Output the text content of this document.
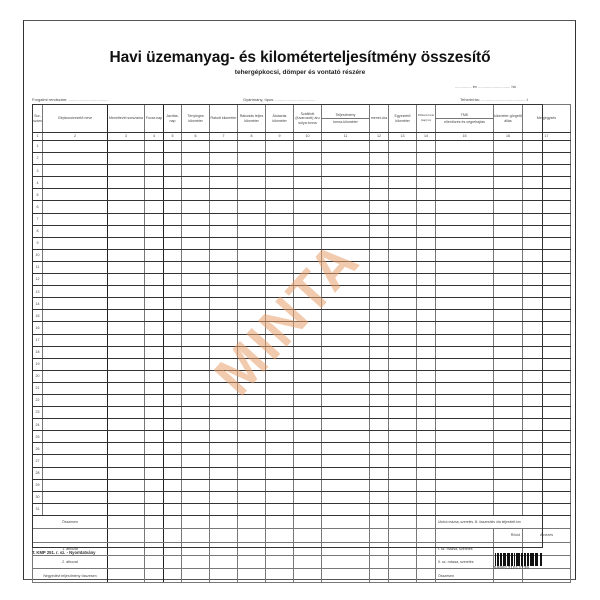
Havi üzemanyag- és kilométerteljesítmény összesítő
tehergépkocsi, dömper és vontató részére
............... év ............................. hó
Forgalmi rendszám: ....................................	Gyártmány, típus: ....................................	Teherbírás: ........................................ t
Sor-szám	Gépkocsivezető neve	Menetlevél sorszáma	Fuvar-nap	Javítás-nap	Tényleges kilométer	Rakott kilométer	Rakodás teljes kilométer	Átutazás kilométer	Szállított (fuvarozott) áru súlya tonna	Teljesítmény
tonna-kilométer	menet-óra	Egyeztető kilométer	Pótkocsi fuvar (nap) km	TMK
ellenőrzés és végrehajtás	kilométer görgető állás	Megjegyzés
1	2	3	4	5	6	7	8	9	10	11	12	13	14	15	16	17
1																
2																
3																
4																
5																
6																
7																
8																
9																
10																
11																
12																
13																
14																
15																
16																
17																
18																
19																
20																
21																
22																
23																
24																
25																
26																
27																
28																
29																
30																
31																
Összesen														Utolsó mázsa, szerelés, ill. összesítés óta teljesített km		
															Rövid	Átnézés
1. áthozat														I. sz. mázsa, szerelés		
2. áthozat														II. sz. mázsa, szerelés		
Negyedévi teljesítmény összesen														Összesen		
MINTA
T. KMP 251. r. sz. - Nyomtatvány
5999131012739
